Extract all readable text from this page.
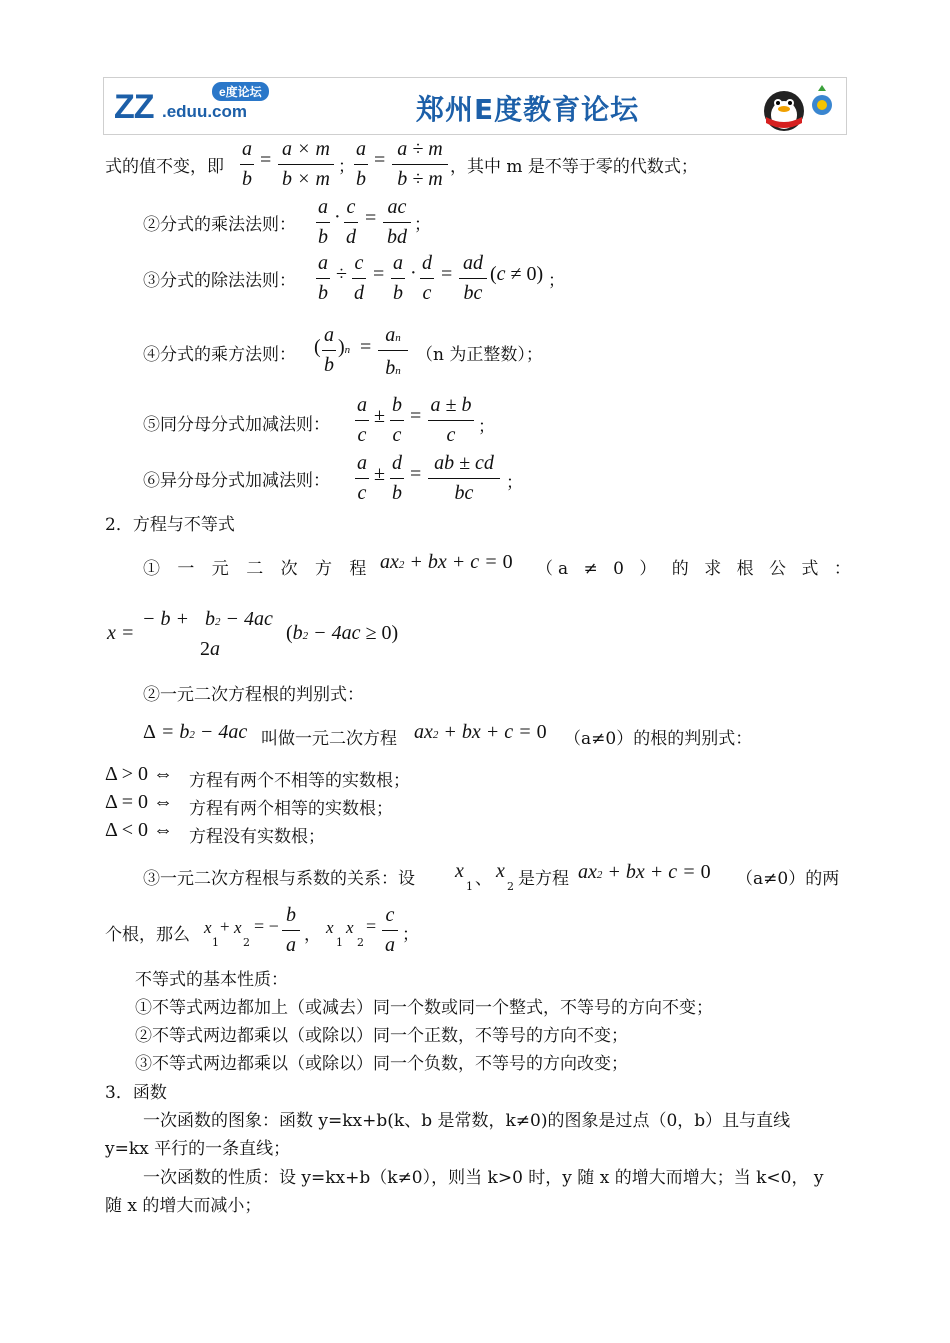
ZZ .eduu.com
e度论坛
郑州E度教育论坛
式的值不变，即
a
b
= a × m
b × m
；
a
b
= a ÷ m
b ÷ m
，其中 m 是不等于零的代数式；
②分式的乘法法则：
a
b
· c
d
= ac
bd
；
③分式的除法法则：
a
b
÷ c
d
= a
b
· d
c
= ad
bc
(c ≠ 0) ；
④分式的乘方法则： (
a
b
)n =
an
bn
（n 为正整数）；
⑤同分母分式加减法则：
a
c
± b
c
= a ± b
c	；
⑥异分母分式加减法则：
a
c
± d
b
= ab ± cd
bc	；
2．方程与不等式
① 一 元 二 次 方 程 ax2 + bx + c = 0 （a ≠ 0 ） 的 求 根 公 式 ：
x =
− b + b2 − 4ac
2a
(b2 − 4ac ≥ 0)
②一元二次方程根的判别式：
Δ = b2 − 4ac 叫做一元二次方程 ax2 + bx + c = 0 （a≠0）的根的判别式：
Δ > 0 ⇔ 方程有两个不相等的实数根；
Δ = 0 ⇔ 方程有两个相等的实数根；
Δ < 0 ⇔ 方程没有实数根；
③一元二次方程根与系数的关系：设 x
1 、 x
2 是方程 ax2 + bx + c = 0 （a≠0）的两
个根，那么 x
1
+ x
2
= − b
a ， x
1
x
2
= c
a ；
不等式的基本性质：
①不等式两边都加上（或减去）同一个数或同一个整式，不等号的方向不变；
②不等式两边都乘以（或除以）同一个正数，不等号的方向不变；
③不等式两边都乘以（或除以）同一个负数，不等号的方向改变；
3．函数
一次函数的图象：函数 y=kx+b(k、b 是常数，k≠0)的图象是过点（0，b）且与直线
y=kx 平行的一条直线；
一次函数的性质：设 y=kx+b（k≠0），则当 k>0 时，y 随 x 的增大而增大；当 k<0， y
随 x 的增大而减小；
